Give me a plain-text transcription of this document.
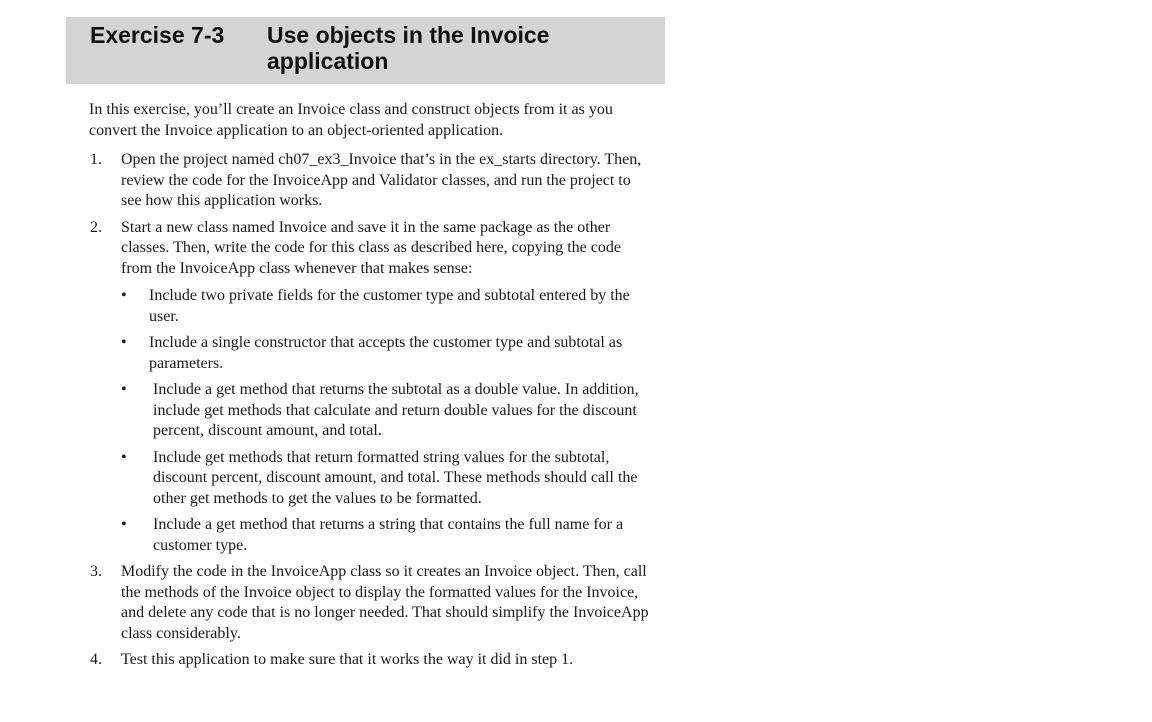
Exercise 7-3 Use objects in the Invoice application

In this exercise, you’ll create an Invoice class and construct objects from it as you convert the Invoice application to an object-oriented application.

1. Open the project named ch07_ex3_Invoice that’s in the ex_starts directory. Then, review the code for the InvoiceApp and Validator classes, and run the project to see how this application works.
2. Start a new class named Invoice and save it in the same package as the other classes. Then, write the code for this class as described here, copying the code from the InvoiceApp class whenever that makes sense:
• Include two private fields for the customer type and subtotal entered by the user.
• Include a single constructor that accepts the customer type and subtotal as parameters.
• Include a get method that returns the subtotal as a double value. In addition, include get methods that calculate and return double values for the discount percent, discount amount, and total.
• Include get methods that return formatted string values for the subtotal, discount percent, discount amount, and total. These methods should call the other get methods to get the values to be formatted.
• Include a get method that returns a string that contains the full name for a customer type.
3. Modify the code in the InvoiceApp class so it creates an Invoice object. Then, call the methods of the Invoice object to display the formatted values for the Invoice, and delete any code that is no longer needed. That should simplify the InvoiceApp class considerably.
4. Test this application to make sure that it works the way it did in step 1.
